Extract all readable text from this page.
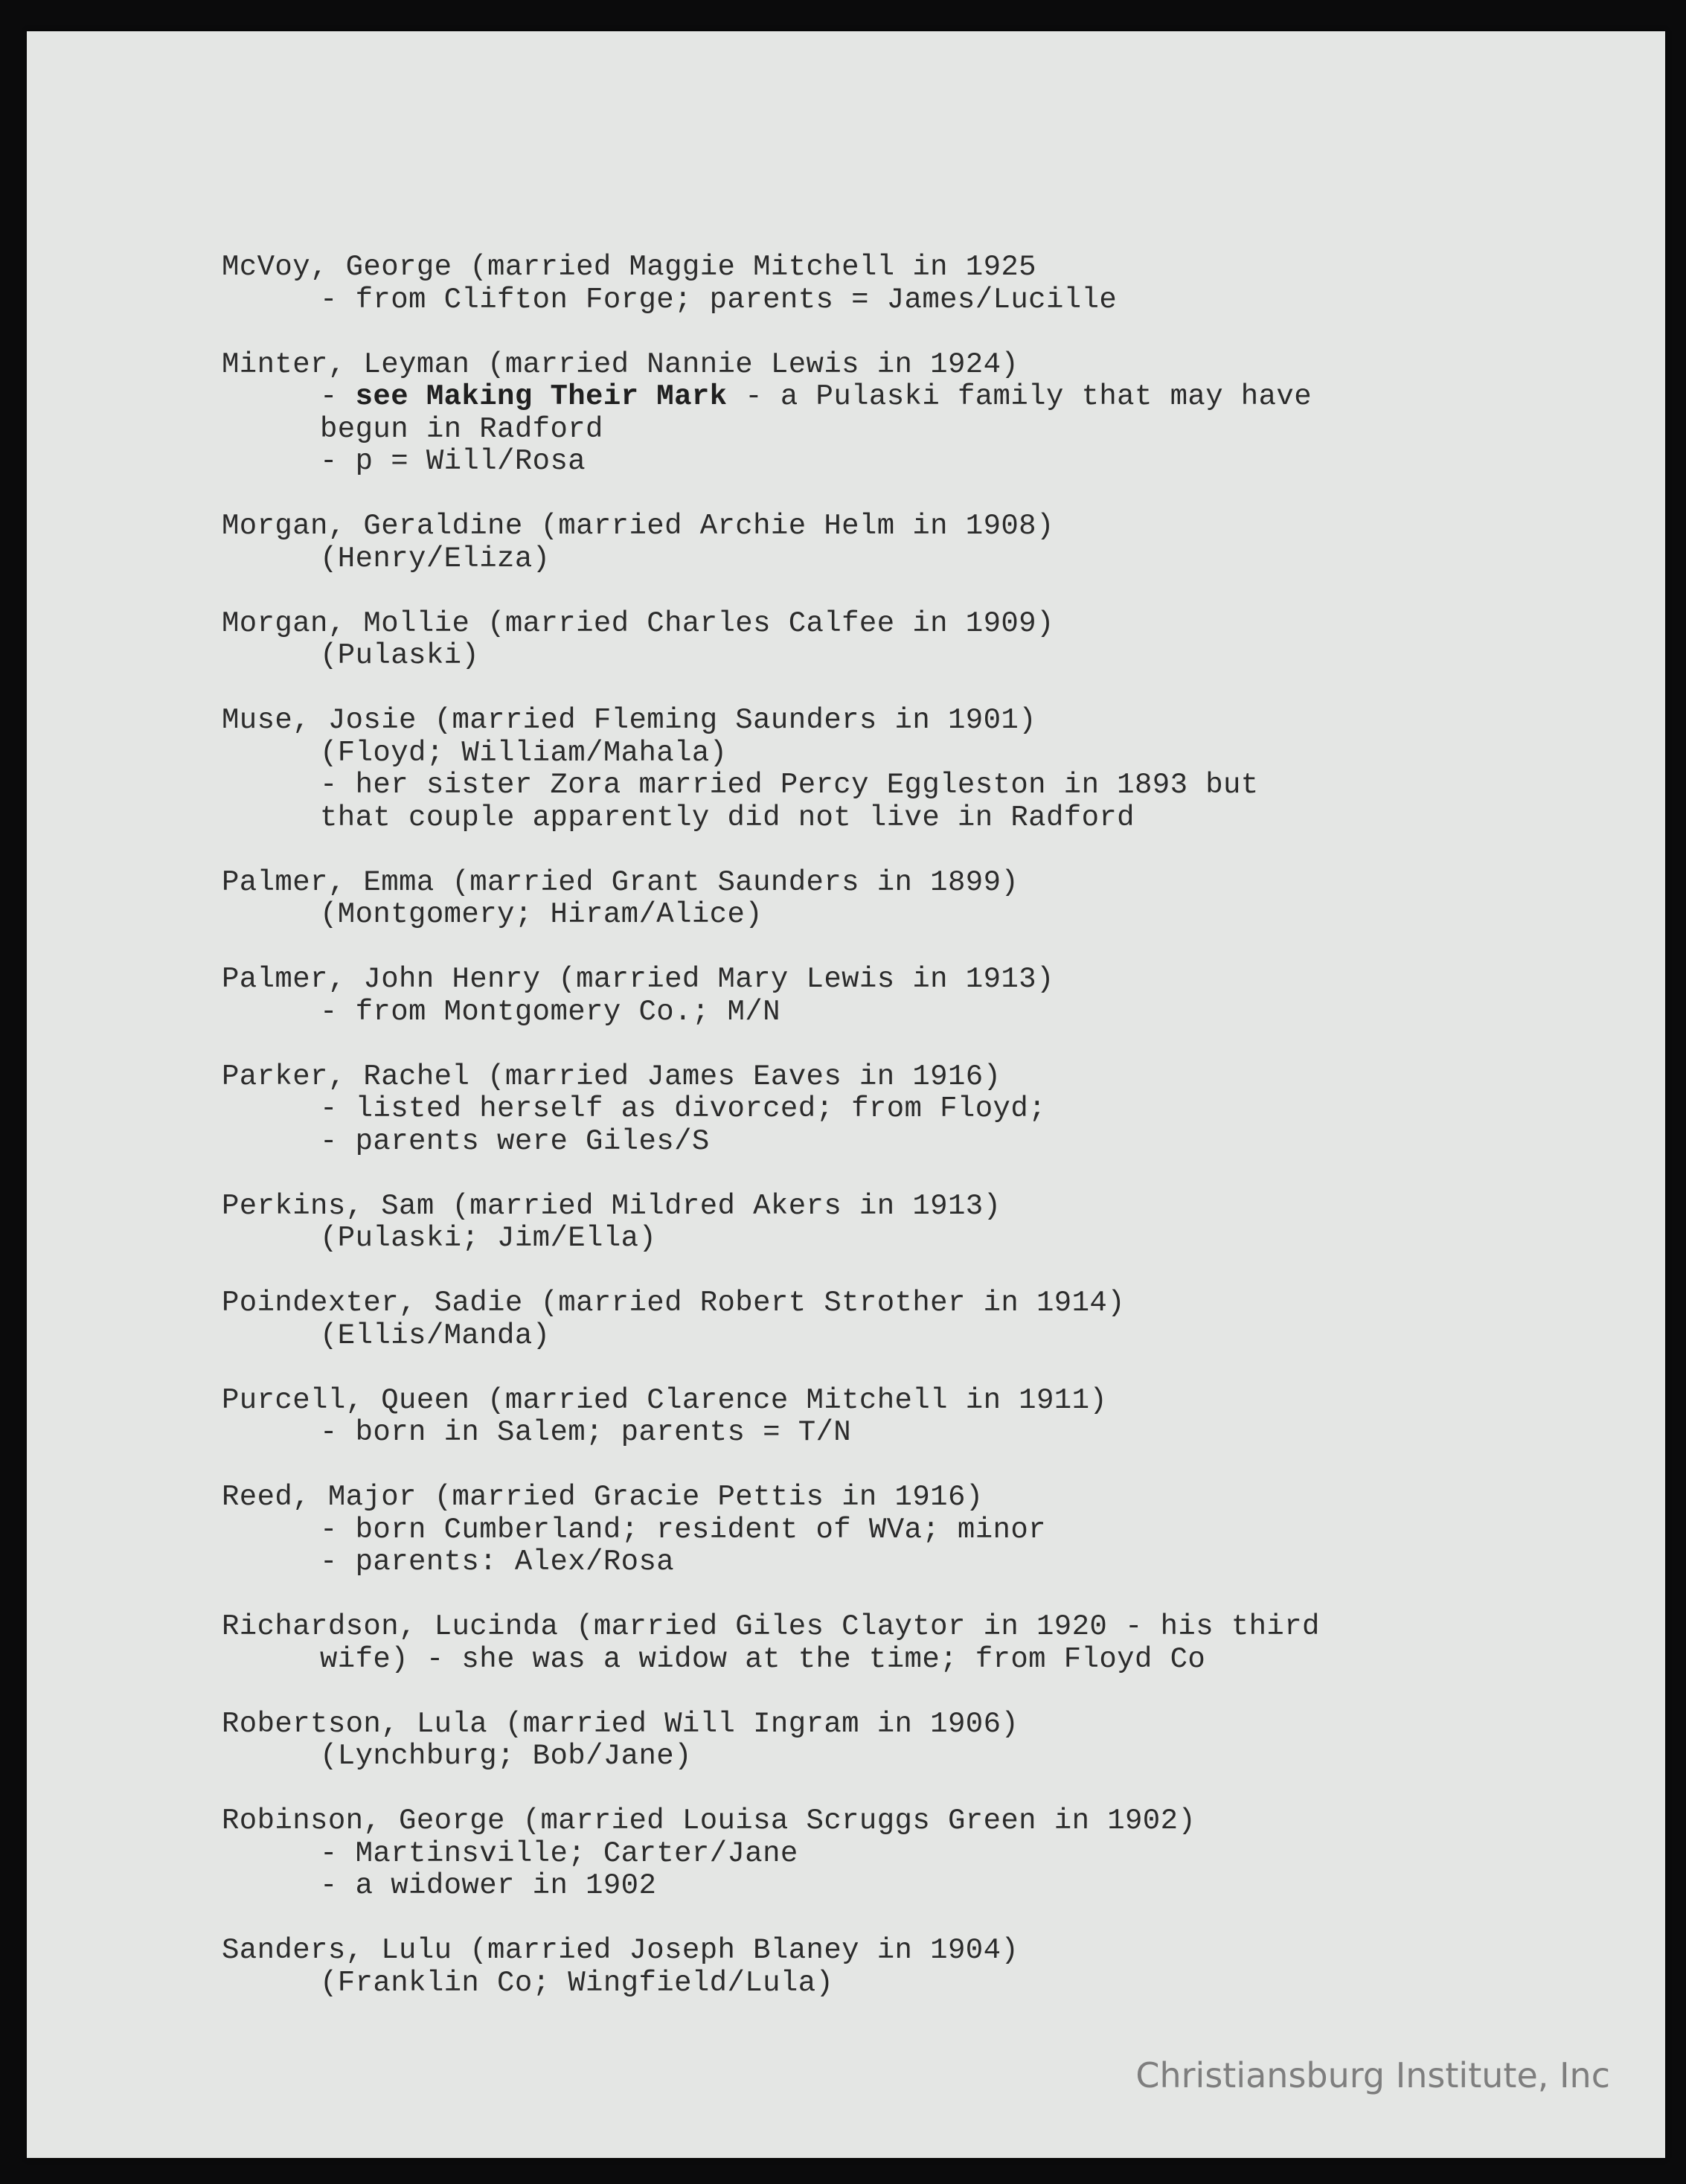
McVoy, George (married Maggie Mitchell in 1925
- from Clifton Forge; parents = James/Lucille
Minter, Leyman (married Nannie Lewis in 1924)
- see Making Their Mark - a Pulaski family that may have
begun in Radford
- p = Will/Rosa
Morgan, Geraldine (married Archie Helm in 1908)
(Henry/Eliza)
Morgan, Mollie (married Charles Calfee in 1909)
(Pulaski)
Muse, Josie (married Fleming Saunders in 1901)
(Floyd; William/Mahala)
- her sister Zora married Percy Eggleston in 1893 but
that couple apparently did not live in Radford
Palmer, Emma (married Grant Saunders in 1899)
(Montgomery; Hiram/Alice)
Palmer, John Henry (married Mary Lewis in 1913)
- from Montgomery Co.; M/N
Parker, Rachel (married James Eaves in 1916)
- listed herself as divorced; from Floyd;
- parents were Giles/S
Perkins, Sam (married Mildred Akers in 1913)
(Pulaski; Jim/Ella)
Poindexter, Sadie (married Robert Strother in 1914)
(Ellis/Manda)
Purcell, Queen (married Clarence Mitchell in 1911)
- born in Salem; parents = T/N
Reed, Major (married Gracie Pettis in 1916)
- born Cumberland; resident of WVa; minor
- parents: Alex/Rosa
Richardson, Lucinda (married Giles Claytor in 1920 - his third
wife) - she was a widow at the time; from Floyd Co
Robertson, Lula (married Will Ingram in 1906)
(Lynchburg; Bob/Jane)
Robinson, George (married Louisa Scruggs Green in 1902)
- Martinsville; Carter/Jane
- a widower in 1902
Sanders, Lulu (married Joseph Blaney in 1904)
(Franklin Co; Wingfield/Lula)
Christiansburg Institute, Inc
